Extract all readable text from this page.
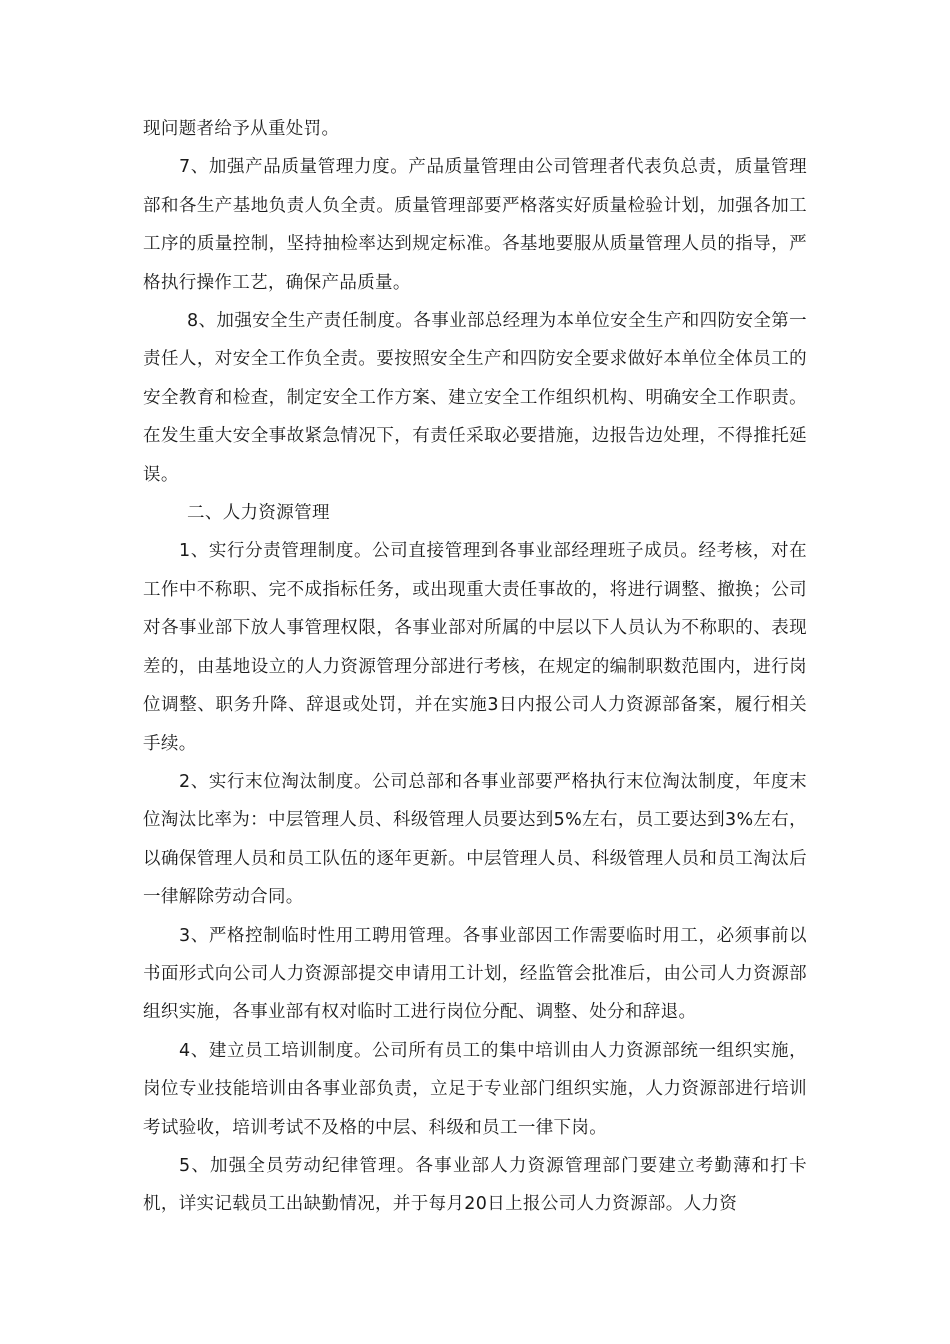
现问题者给予从重处罚。

7、加强产品质量管理力度。产品质量管理由公司管理者代表负总责，质量管理部和各生产基地负责人负全责。质量管理部要严格落实好质量检验计划，加强各加工工序的质量控制，坚持抽检率达到规定标准。各基地要服从质量管理人员的指导，严格执行操作工艺，确保产品质量。

8、加强安全生产责任制度。各事业部总经理为本单位安全生产和四防安全第一责任人，对安全工作负全责。要按照安全生产和四防安全要求做好本单位全体员工的安全教育和检查，制定安全工作方案、建立安全工作组织机构、明确安全工作职责。在发生重大安全事故紧急情况下，有责任采取必要措施，边报告边处理，不得推托延误。

二、人力资源管理

1、实行分责管理制度。公司直接管理到各事业部经理班子成员。经考核，对在工作中不称职、完不成指标任务，或出现重大责任事故的，将进行调整、撤换；公司对各事业部下放人事管理权限，各事业部对所属的中层以下人员认为不称职的、表现差的，由基地设立的人力资源管理分部进行考核，在规定的编制职数范围内，进行岗位调整、职务升降、辞退或处罚，并在实施3日内报公司人力资源部备案，履行相关手续。

2、实行末位淘汰制度。公司总部和各事业部要严格执行末位淘汰制度，年度末位淘汰比率为：中层管理人员、科级管理人员要达到5%左右，员工要达到3%左右，以确保管理人员和员工队伍的逐年更新。中层管理人员、科级管理人员和员工淘汰后一律解除劳动合同。

3、严格控制临时性用工聘用管理。各事业部因工作需要临时用工，必须事前以书面形式向公司人力资源部提交申请用工计划，经监管会批准后，由公司人力资源部组织实施，各事业部有权对临时工进行岗位分配、调整、处分和辞退。

4、建立员工培训制度。公司所有员工的集中培训由人力资源部统一组织实施，岗位专业技能培训由各事业部负责，立足于专业部门组织实施，人力资源部进行培训考试验收，培训考试不及格的中层、科级和员工一律下岗。

5、加强全员劳动纪律管理。各事业部人力资源管理部门要建立考勤薄和打卡机，详实记载员工出缺勤情况，并于每月20日上报公司人力资源部。人力资
